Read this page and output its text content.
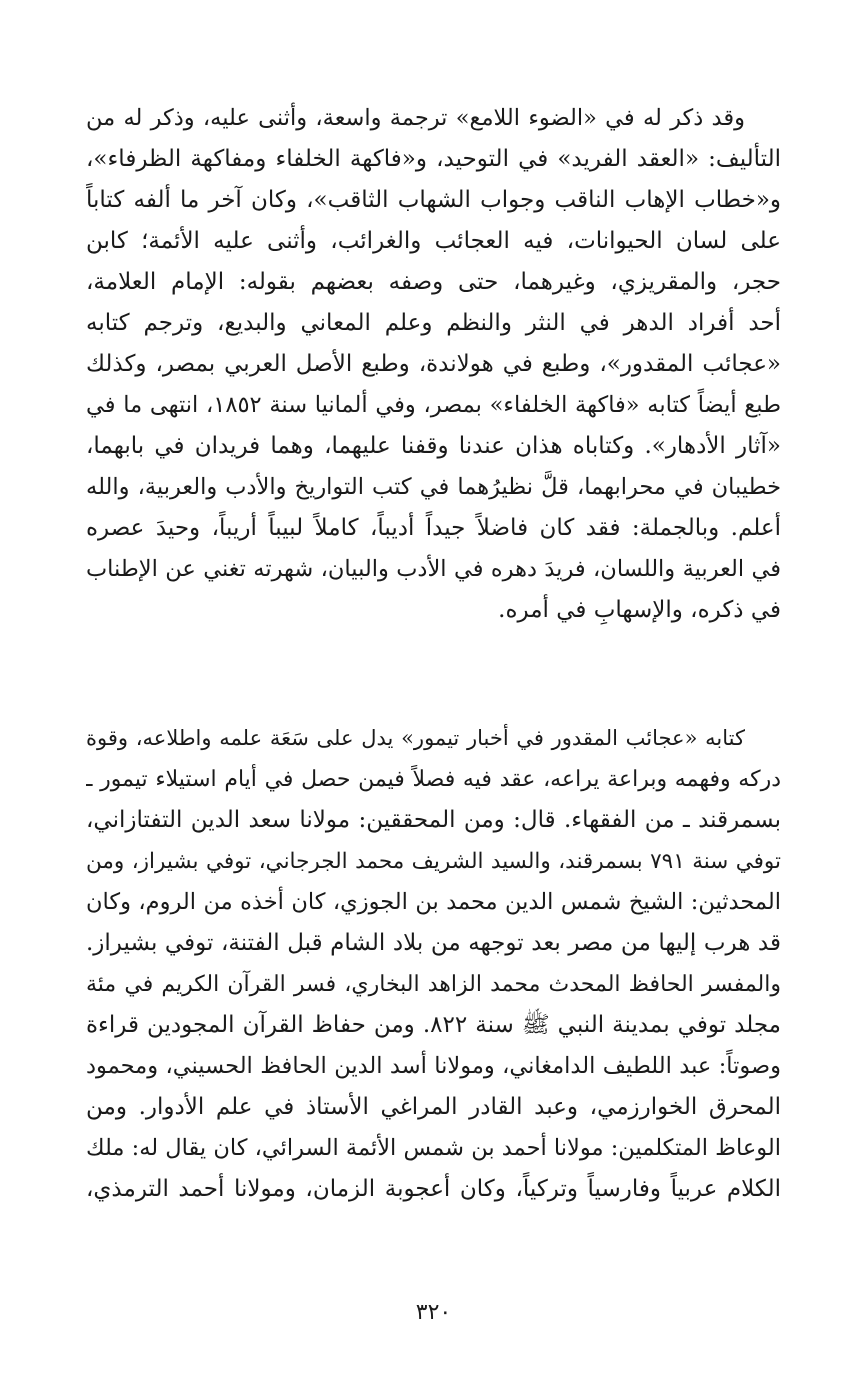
وقد ذكر له في «الضوء اللامع» ترجمة واسعة، وأثنى عليه، وذكر له من
التأليف: «العقد الفريد» في التوحيد، و«فاكهة الخلفاء ومفاكهة الظرفاء»،
و«خطاب الإهاب الناقب وجواب الشهاب الثاقب»، وكان آخر ما ألفه كتاباً
على لسان الحيوانات، فيه العجائب والغرائب، وأثنى عليه الأئمة؛ كابن
حجر، والمقريزي، وغيرهما، حتى وصفه بعضهم بقوله: الإمام العلامة،
أحد أفراد الدهر في النثر والنظم وعلم المعاني والبديع، وترجم كتابه
«عجائب المقدور»، وطبع في هولاندة، وطبع الأصل العربي بمصر، وكذلك
طبع أيضاً كتابه «فاكهة الخلفاء» بمصر، وفي ألمانيا سنة ١٨٥٢، انتهى ما في
«آثار الأدهار». وكتاباه هذان عندنا وقفنا عليهما، وهما فريدان في بابهما،
خطيبان في محرابهما، قلَّ نظيرُهما في كتب التواريخ والأدب والعربية، والله
أعلم. وبالجملة: فقد كان فاضلاً جيداً أديباً، كاملاً لبيباً أريباً، وحيدَ عصره
في العربية واللسان، فريدَ دهره في الأدب والبيان، شهرته تغني عن الإطناب
في ذكره، والإسهابِ في أمره.
كتابه «عجائب المقدور في أخبار تيمور» يدل على سَعَة علمه واطلاعه، وقوة
دركه وفهمه وبراعة يراعه، عقد فيه فصلاً فيمن حصل في أيام استيلاء تيمور ـ
بسمرقند ـ من الفقهاء. قال: ومن المحققين: مولانا سعد الدين التفتازاني،
توفي سنة ٧٩١ بسمرقند، والسيد الشريف محمد الجرجاني، توفي بشيراز، ومن
المحدثين: الشيخ شمس الدين محمد بن الجوزي، كان أخذه من الروم، وكان
قد هرب إليها من مصر بعد توجهه من بلاد الشام قبل الفتنة، توفي بشيراز.
والمفسر الحافظ المحدث محمد الزاهد البخاري، فسر القرآن الكريم في مئة
مجلد توفي بمدينة النبي ﷺ سنة ٨٢٢. ومن حفاظ القرآن المجودين قراءة
وصوتاً: عبد اللطيف الدامغاني، ومولانا أسد الدين الحافظ الحسيني، ومحمود
المحرق الخوارزمي، وعبد القادر المراغي الأستاذ في علم الأدوار. ومن
الوعاظ المتكلمين: مولانا أحمد بن شمس الأئمة السرائي، كان يقال له: ملك
الكلام عربياً وفارسياً وتركياً، وكان أعجوبة الزمان، ومولانا أحمد الترمذي،
٣٢٠
